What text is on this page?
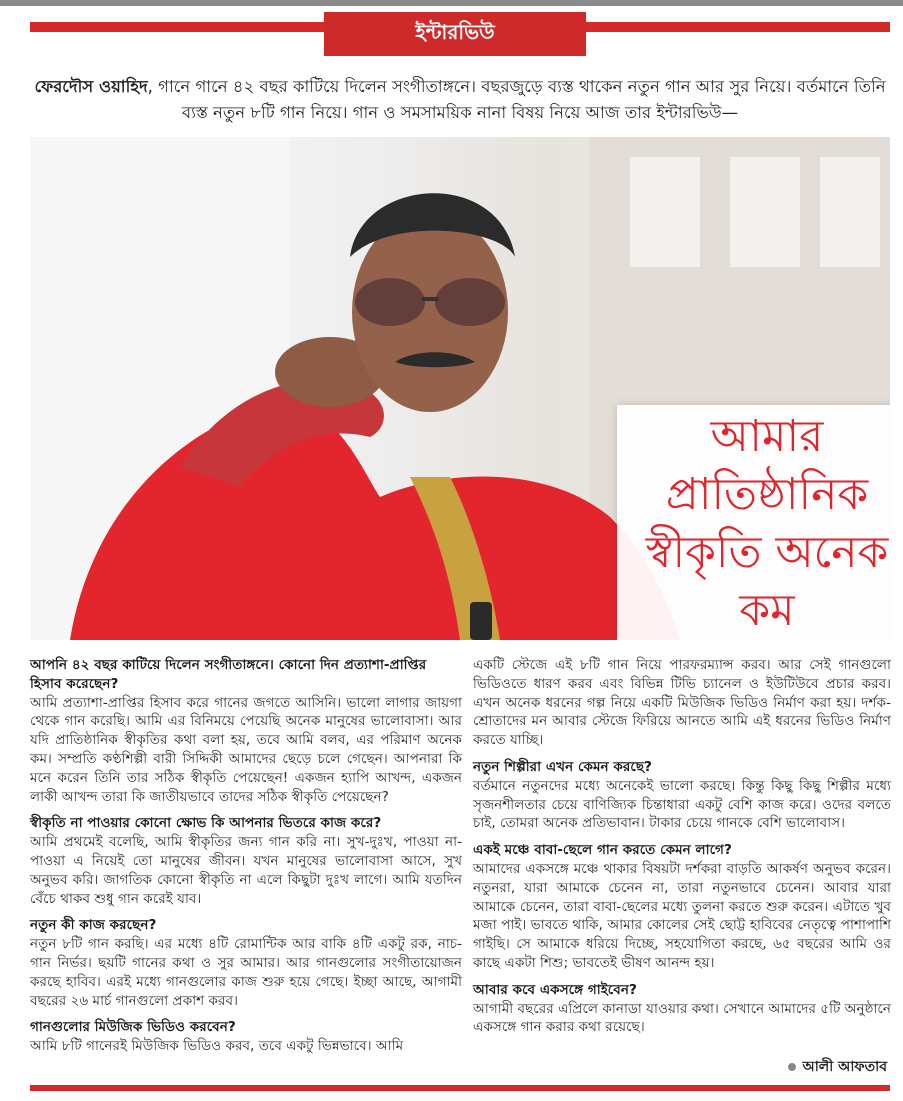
ইন্টারভিউ
ফেরদৌস ওয়াহিদ, গানে গানে ৪২ বছর কাটিয়ে দিলেন সংগীতাঙ্গনে। বছরজুড়ে ব্যস্ত থাকেন নতুন গান আর সুর নিয়ে। বর্তমানে তিনি ব্যস্ত নতুন ৮টি গান নিয়ে। গান ও সমসাময়িক নানা বিষয় নিয়ে আজ তার ইন্টারভিউ—
আমার
প্রাতিষ্ঠানিক
স্বীকৃতি অনেক
কম

আপনি ৪২ বছর কাটিয়ে দিলেন সংগীতাঙ্গনে। কোনো দিন প্রত্যাশা-প্রাপ্তির হিসাব করেছেন?

আমি প্রত্যাশা-প্রাপ্তির হিসাব করে গানের জগতে আসিনি। ভালো লাগার জায়গা থেকে গান করেছি। আমি এর বিনিময়ে পেয়েছি অনেক মানুষের ভালোবাসা। আর যদি প্রাতিষ্ঠানিক স্বীকৃতির কথা বলা হয়, তবে আমি বলব, এর পরিমাণ অনেক কম। সম্প্রতি কণ্ঠশিল্পী বারী সিদ্দিকী আমাদের ছেড়ে চলে গেছেন। আপনারা কি মনে করেন তিনি তার সঠিক স্বীকৃতি পেয়েছেন! একজন হ্যাপি আখন্দ, একজন লাকী আখন্দ তারা কি জাতীয়ভাবে তাদের সঠিক স্বীকৃতি পেয়েছেন?

স্বীকৃতি না পাওয়ার কোনো ক্ষোভ কি আপনার ভিতরে কাজ করে?

আমি প্রথমেই বলেছি, আমি স্বীকৃতির জন্য গান করি না। সুখ-দুঃখ, পাওয়া না-পাওয়া এ নিয়েই তো মানুষের জীবন। যখন মানুষের ভালোবাসা আসে, সুখ অনুভব করি। জাগতিক কোনো স্বীকৃতি না এলে কিছুটা দুঃখ লাগে। আমি যতদিন বেঁচে থাকব শুধু গান করেই যাব।

নতুন কী কাজ করছেন?

নতুন ৮টি গান করছি। এর মধ্যে ৪টি রোমান্টিক আর বাকি ৪টি একটু রক, নাচ-গান নির্ভর। ছয়টি গানের কথা ও সুর আমার। আর গানগুলোর সংগীতায়োজন করছে হাবিব। এরই মধ্যে গানগুলোর কাজ শুরু হয়ে গেছে। ইচ্ছা আছে, আগামী বছরের ২৬ মার্চ গানগুলো প্রকাশ করব।

গানগুলোর মিউজিক ভিডিও করবেন?

আমি ৮টি গানেরই মিউজিক ভিডিও করব, তবে একটু ভিন্নভাবে। আমি

একটি স্টেজে এই ৮টি গান নিয়ে পারফরম্যান্স করব। আর সেই গানগুলো ভিডিওতে ধারণ করব এবং বিভিন্ন টিভি চ্যানেল ও ইউটিউবে প্রচার করব। এখন অনেক ধরনের গল্প নিয়ে একটি মিউজিক ভিডিও নির্মাণ করা হয়। দর্শক-শ্রোতাদের মন আবার স্টেজে ফিরিয়ে আনতে আমি এই ধরনের ভিডিও নির্মাণ করতে যাচ্ছি।

নতুন শিল্পীরা এখন কেমন করছে?

বর্তমানে নতুনদের মধ্যে অনেকেই ভালো করছে। কিন্তু কিছু কিছু শিল্পীর মধ্যে সৃজনশীলতার চেয়ে বাণিজ্যিক চিন্তাধারা একটু বেশি কাজ করে। ওদের বলতে চাই, তোমরা অনেক প্রতিভাবান। টাকার চেয়ে গানকে বেশি ভালোবাস।

একই মঞ্চে বাবা-ছেলে গান করতে কেমন লাগে?

আমাদের একসঙ্গে মঞ্চে থাকার বিষয়টা দর্শকরা বাড়তি আকর্ষণ অনুভব করেন। নতুনরা, যারা আমাকে চেনেন না, তারা নতুনভাবে চেনেন। আবার যারা আমাকে চেনেন, তারা বাবা-ছেলের মধ্যে তুলনা করতে শুরু করেন। এটাতে খুব মজা পাই। ভাবতে থাকি, আমার কোলের সেই ছোট্ট হাবিবের নেতৃত্বে পাশাপাশি গাইছি। সে আমাকে ধরিয়ে দিচ্ছে, সহযোগিতা করছে, ৬৫ বছরের আমি ওর কাছে একটা শিশু; ভাবতেই ভীষণ আনন্দ হয়।

আবার কবে একসঙ্গে গাইবেন?

আগামী বছরের এপ্রিলে কানাডা যাওয়ার কথা। সেখানে আমাদের ৫টি অনুষ্ঠানে একসঙ্গে গান করার কথা রয়েছে।

আলী আফতাব
